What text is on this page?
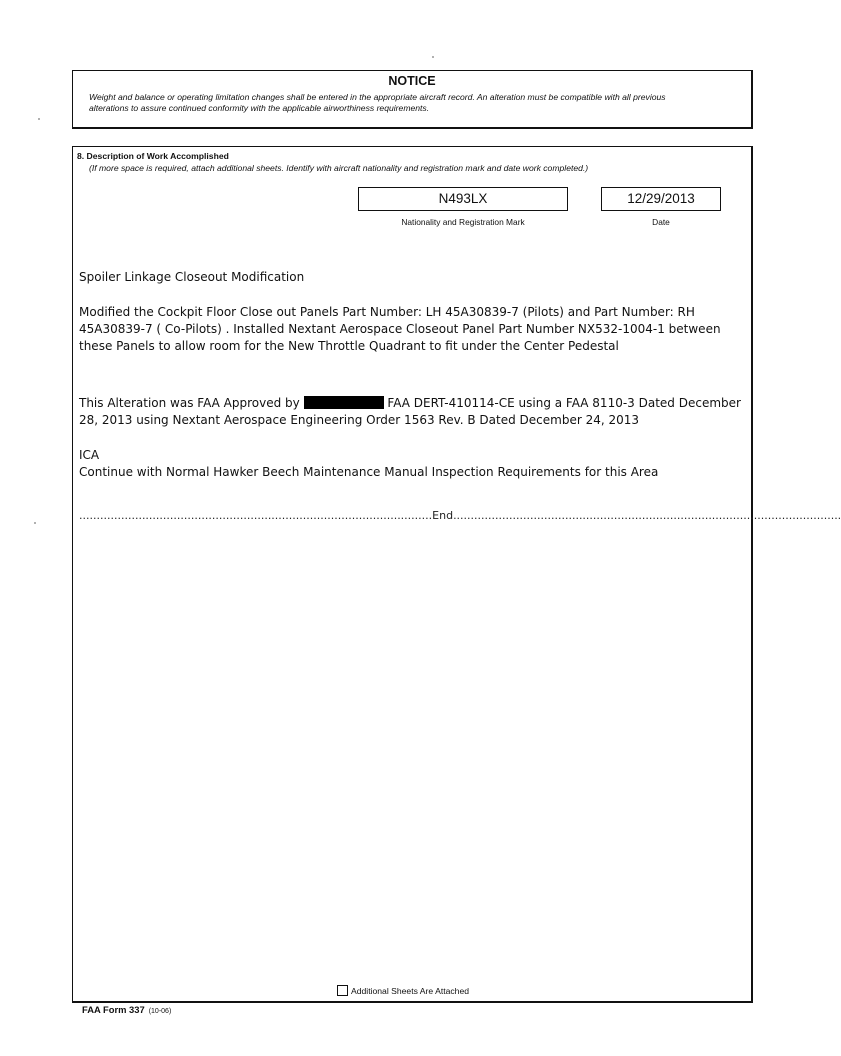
NOTICE
Weight and balance or operating limitation changes shall be entered in the appropriate aircraft record. An alteration must be compatible with all previous alterations to assure continued conformity with the applicable airworthiness requirements.
8. Description of Work Accomplished
(If more space is required, attach additional sheets. Identify with aircraft nationality and registration mark and date work completed.)
N493LX	12/29/2013
Nationality and Registration Mark	Date
Spoiler Linkage Closeout Modification
Modified the Cockpit Floor Close out Panels Part Number: LH 45A30839-7 (Pilots) and Part Number: RH 45A30839-7 ( Co-Pilots) . Installed Nextant Aerospace Closeout Panel Part Number NX532-1004-1 between these Panels to allow room for the New Throttle Quadrant to fit under the Center Pedestal
This Alteration was FAA Approved by	FAA DERT-410114-CE using a FAA 8110-3 Dated December 28, 2013 using Nextant Aerospace Engineering Order 1563 Rev. B Dated December 24, 2013
ICA
Continue with Normal Hawker Beech Maintenance Manual Inspection Requirements for this Area
.....................................................................................................End...............................................................................................................
Additional Sheets Are Attached
FAA Form 337 (10-06)
